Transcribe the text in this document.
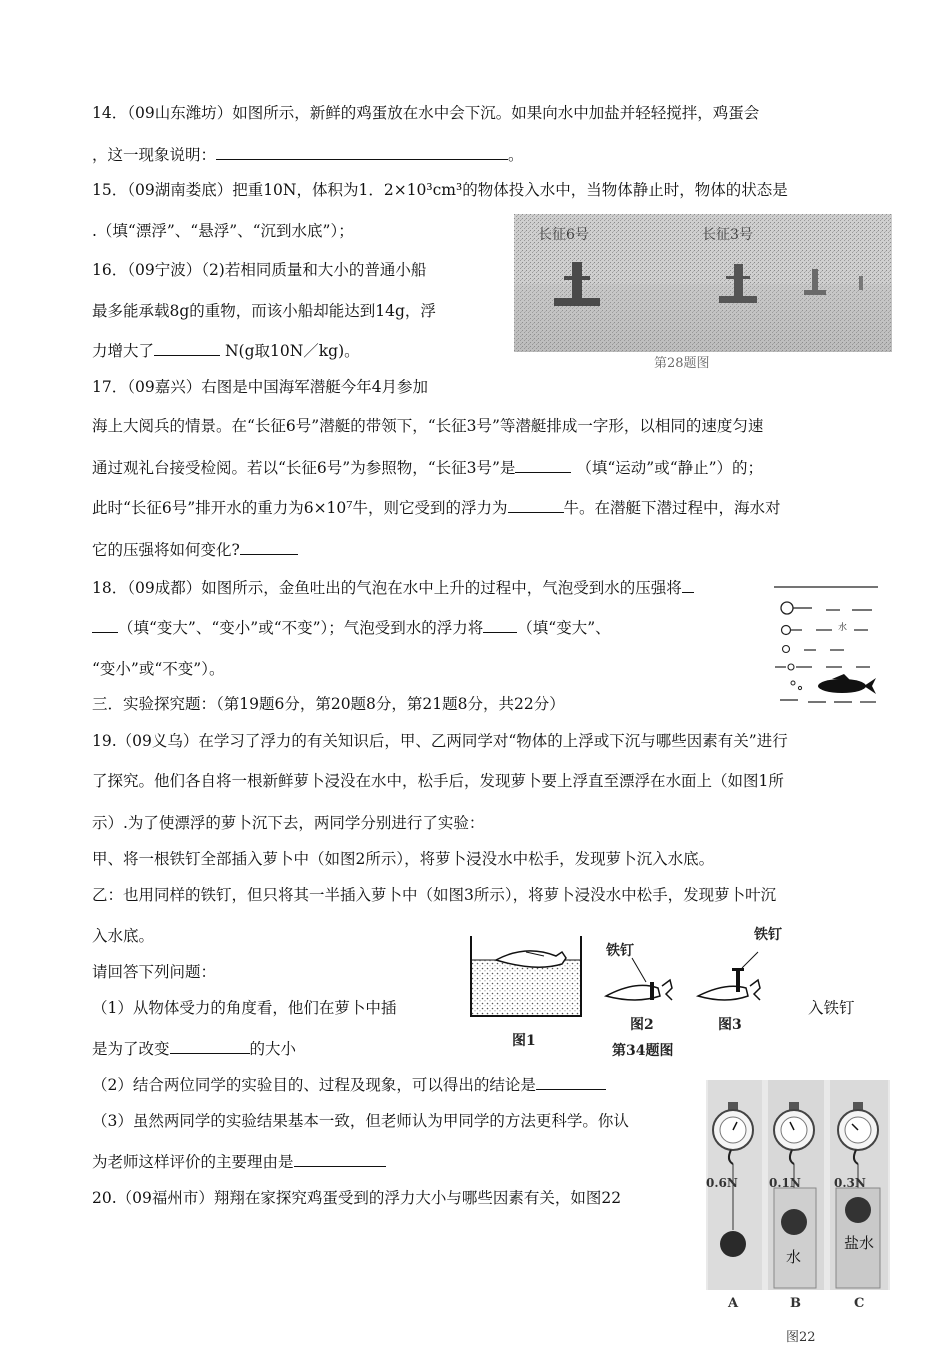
14．（09山东潍坊）如图所示，新鲜的鸡蛋放在水中会下沉。如果向水中加盐并轻轻搅拌，鸡蛋会
，这一现象说明：	。
15．（09湖南娄底）把重10N，体积为1．2×10³cm³的物体投入水中，当物体静止时，物体的状态是
.（填“漂浮”、“悬浮”、“沉到水底”）；
16．（09宁波）（2)若相同质量和大小的普通小船
最多能承载8g的重物，而该小船却能达到14g，浮
力增大了	N(g取10N／kg)。
长征6号	长征3号
第28题图
17．（09嘉兴）右图是中国海军潜艇今年4月参加
海上大阅兵的情景。在“长征6号”潜艇的带领下，“长征3号”等潜艇排成一字形，以相同的速度匀速
通过观礼台接受检阅。若以“长征6号”为参照物，“长征3号”是	（填“运动”或“静止”）的；
此时“长征6号”排开水的重力为6×10⁷牛，则它受到的浮力为	牛。在潜艇下潜过程中，海水对
它的压强将如何变化?
18．（09成都）如图所示，金鱼吐出的气泡在水中上升的过程中，气泡受到水的压强将
（填“变大”、“变小”或“不变”）；气泡受到水的浮力将 （填“变大”、
“变小”或“不变”）。
水
三．实验探究题：（第19题6分，第20题8分，第21题8分，共22分）
19.（09义乌）在学习了浮力的有关知识后，甲、乙两同学对“物体的上浮或下沉与哪些因素有关”进行
了探究。他们各自将一根新鲜萝卜浸没在水中，松手后，发现萝卜要上浮直至漂浮在水面上（如图1所
示）.为了使漂浮的萝卜沉下去，两同学分别进行了实验：
甲、将一根铁钉全部插入萝卜中（如图2所示），将萝卜浸没水中松手，发现萝卜沉入水底。
乙：也用同样的铁钉，但只将其一半插入萝卜中（如图3所示），将萝卜浸没水中松手，发现萝卜叶沉
入水底。
请回答下列问题：
（1）从物体受力的角度看，他们在萝卜中插	入铁钉
是为了改变	的大小
（2）结合两位同学的实验目的、过程及现象，可以得出的结论是
（3）虽然两同学的实验结果基本一致，但老师认为甲同学的方法更科学。你认
为老师这样评价的主要理由是
铁钉
铁钉
图1
图2	图3
第34题图
20.（09福州市）翔翔在家探究鸡蛋受到的浮力大小与哪些因素有关，如图22
0.6N	0.1N	0.3N
水
盐水
A	B	C
图22
